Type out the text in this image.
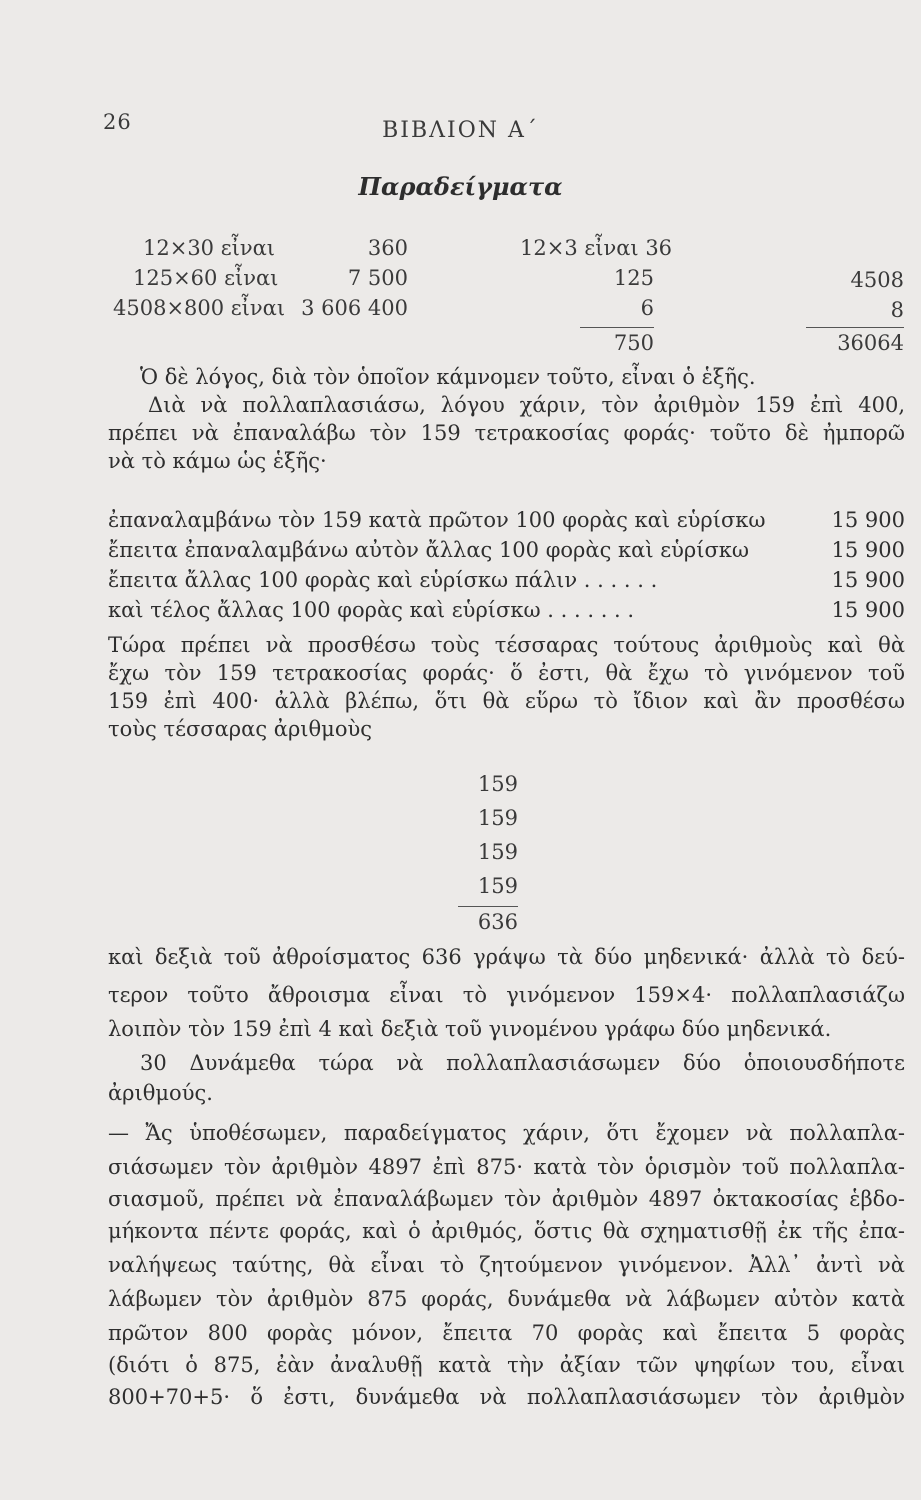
26	ΒΙΒΛΙΟΝ Α΄
Παραδείγματα
12×30 εἶναι	360
125×60 εἶναι	7 500
4508×800 εἶναι 3 606 400
12×3 εἶναι 36
125
6
750
4508
8
36064
Ὁ δὲ λόγος, διὰ τὸν ὁποῖον κάμνομεν τοῦτο, εἶναι ὁ ἑξῆς.
Διὰ νὰ πολλαπλασιάσω, λόγου χάριν, τὸν ἀριθμὸν 159 ἐπὶ 400,
πρέπει νὰ ἐπαναλάβω τὸν 159 τετρακοσίας φοράς· τοῦτο δὲ ἠμπορῶ
νὰ τὸ κάμω ὡς ἑξῆς·
ἐπαναλαμβάνω τὸν 159 κατὰ πρῶτον 100 φορὰς καὶ εὑρίσκω	15 900
ἔπειτα ἐπαναλαμβάνω αὐτὸν ἄλλας 100 φορὰς καὶ εὑρίσκω	15 900
ἔπειτα ἄλλας 100 φορὰς καὶ εὑρίσκω πάλιν . . . . . .	15 900
καὶ τέλος ἄλλας 100 φορὰς καὶ εὑρίσκω . . . . . . .	15 900
Τώρα πρέπει νὰ προσθέσω τοὺς τέσσαρας τούτους ἀριθμοὺς καὶ θὰ
ἔχω τὸν 159 τετρακοσίας φοράς· ὅ ἐστι, θὰ ἔχω τὸ γινόμενον τοῦ
159 ἐπὶ 400· ἀλλὰ βλέπω, ὅτι θὰ εὕρω τὸ ἴδιον καὶ ἂν προσθέσω
τοὺς τέσσαρας ἀριθμοὺς
159
159
159
159
636
καὶ δεξιὰ τοῦ ἀθροίσματος 636 γράψω τὰ δύο μηδενικά· ἀλλὰ τὸ δεύ-
τερον τοῦτο ἄθροισμα εἶναι τὸ γινόμενον 159×4· πολλαπλασιάζω
λοιπὸν τὸν 159 ἐπὶ 4 καὶ δεξιὰ τοῦ γινομένου γράφω δύο μηδενικά.
30 Δυνάμεθα τώρα νὰ πολλαπλασιάσωμεν δύο ὁποιουσδήποτε
ἀριθμούς.
— Ἄς ὑποθέσωμεν, παραδείγματος χάριν, ὅτι ἔχομεν νὰ πολλαπλα-
σιάσωμεν τὸν ἀριθμὸν 4897 ἐπὶ 875· κατὰ τὸν ὁρισμὸν τοῦ πολλαπλα-
σιασμοῦ, πρέπει νὰ ἐπαναλάβωμεν τὸν ἀριθμὸν 4897 ὀκτακοσίας ἑβδο-
μήκοντα πέντε φοράς, καὶ ὁ ἀριθμός, ὅστις θὰ σχηματισθῇ ἐκ τῆς ἐπα-
ναλήψεως ταύτης, θὰ εἶναι τὸ ζητούμενον γινόμενον. Ἀλλ᾽ ἀντὶ νὰ
λάβωμεν τὸν ἀριθμὸν 875 φοράς, δυνάμεθα νὰ λάβωμεν αὐτὸν κατὰ
πρῶτον 800 φορὰς μόνον, ἔπειτα 70 φορὰς καὶ ἔπειτα 5 φορὰς
(διότι ὁ 875, ἐὰν ἀναλυθῇ κατὰ τὴν ἀξίαν τῶν ψηφίων του, εἶναι
800+70+5· ὅ ἐστι, δυνάμεθα νὰ πολλαπλασιάσωμεν τὸν ἀριθμὸν
